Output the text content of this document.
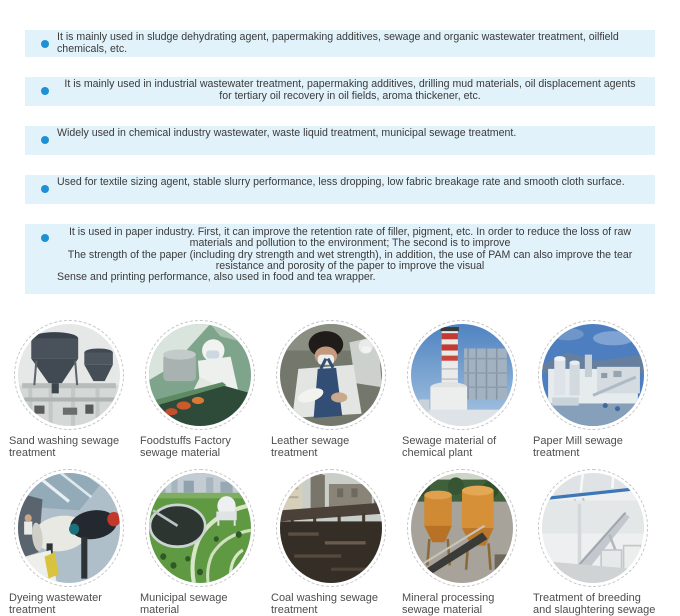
It is mainly used in sludge dehydrating agent, papermaking additives, sewage and organic wastewater treatment, oilfield chemicals, etc.

It is mainly used in industrial wastewater treatment, papermaking additives, drilling mud materials, oil displacement agents for tertiary oil recovery in oil fields, aroma thickener, etc.

Widely used in chemical industry wastewater, waste liquid treatment, municipal sewage treatment.

Used for textile sizing agent, stable slurry performance, less dropping, low fabric breakage rate and smooth cloth surface.

It is used in paper industry. First, it can improve the retention rate of filler, pigment, etc. In order to reduce the loss of raw materials and pollution to the environment; The second is to improve

The strength of the paper (including dry strength and wet strength), in addition, the use of PAM can also improve the tear resistance and porosity of the paper to improve the visual

Sense and printing performance, also used in food and tea wrapper.

Sand washing sewage treatment
Foodstuffs Factory sewage material
Leather sewage treatment
Sewage material of chemical plant
Paper Mill sewage treatment
Dyeing wastewater treatment
Municipal sewage material
Coal washing sewage treatment
Mineral processing sewage material
Treatment of breeding and slaughtering sewage
